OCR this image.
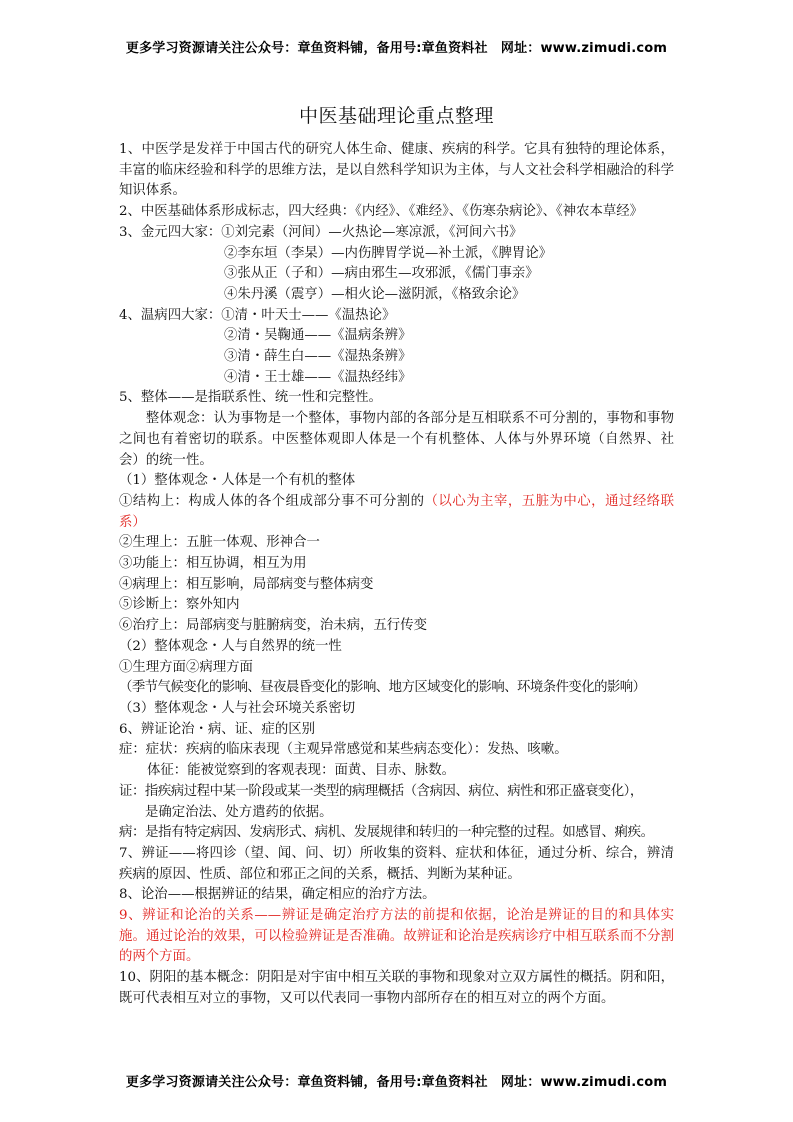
更多学习资源请关注公众号：章鱼资料铺，备用号:章鱼资料社　网址：www.zimudi.com
中医基础理论重点整理

1、中医学是发祥于中国古代的研究人体生命、健康、疾病的科学。它具有独特的理论体系，丰富的临床经验和科学的思维方法，是以自然科学知识为主体，与人文社会科学相融洽的科学知识体系。

2、中医基础体系形成标志，四大经典：《内经》、《难经》、《伤寒杂病论》、《神农本草经》

3、金元四大家：①刘完素（河间）—火热论—寒凉派，《河间六书》

②李东垣（李杲）—内伤脾胃学说—补土派，《脾胃论》

③张从正（子和）—病由邪生—攻邪派，《儒门事亲》

④朱丹溪（震亨）—相火论—滋阴派，《格致余论》

4、温病四大家：①清・叶天士——《温热论》

②清・吴鞠通——《温病条辨》

③清・薛生白——《湿热条辨》

④清・王士雄——《温热经纬》

5、整体——是指联系性、统一性和完整性。

整体观念：认为事物是一个整体，事物内部的各部分是互相联系不可分割的，事物和事物之间也有着密切的联系。中医整体观即人体是一个有机整体、人体与外界环境（自然界、社会）的统一性。

（1）整体观念・人体是一个有机的整体

①结构上：构成人体的各个组成部分事不可分割的（以心为主宰，五脏为中心，通过经络联系）

②生理上：五脏一体观、形神合一

③功能上：相互协调，相互为用

④病理上：相互影响，局部病变与整体病变

⑤诊断上：察外知内

⑥治疗上：局部病变与脏腑病变，治未病，五行传变

（2）整体观念・人与自然界的统一性

①生理方面②病理方面

（季节气候变化的影响、昼夜晨昏变化的影响、地方区域变化的影响、环境条件变化的影响）

（3）整体观念・人与社会环境关系密切

6、辨证论治・病、证、症的区别

症：症状：疾病的临床表现（主观异常感觉和某些病态变化）：发热、咳嗽。

体征：能被觉察到的客观表现：面黄、目赤、脉数。

证：指疾病过程中某一阶段或某一类型的病理概括（含病因、病位、病性和邪正盛衰变化），

是确定治法、处方遣药的依据。

病：是指有特定病因、发病形式、病机、发展规律和转归的一种完整的过程。如感冒、痢疾。

7、辨证——将四诊（望、闻、问、切）所收集的资料、症状和体征，通过分析、综合，辨清疾病的原因、性质、部位和邪正之间的关系，概括、判断为某种证。

8、论治——根据辨证的结果，确定相应的治疗方法。

9、辨证和论治的关系——辨证是确定治疗方法的前提和依据，论治是辨证的目的和具体实施。通过论治的效果，可以检验辨证是否准确。故辨证和论治是疾病诊疗中相互联系而不分割的两个方面。

10、阴阳的基本概念：阴阳是对宇宙中相互关联的事物和现象对立双方属性的概括。阴和阳，既可代表相互对立的事物，又可以代表同一事物内部所存在的相互对立的两个方面。

更多学习资源请关注公众号：章鱼资料铺，备用号:章鱼资料社　网址：www.zimudi.com
